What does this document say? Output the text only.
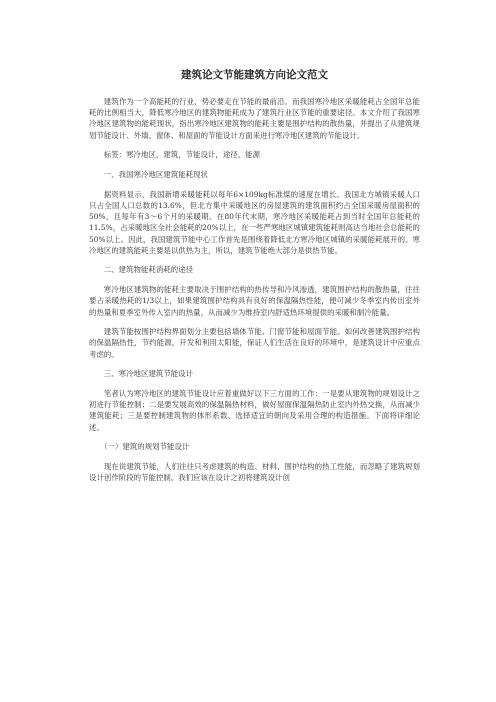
建筑论文节能建筑方向论文范文

建筑作为一个高能耗的行业，势必要走在节能的最前沿。而我国寒冷地区采暖能耗占全国年总能耗的比例相当大，降低寒冷地区的建筑物能耗成为了建筑行业区节能的重要途径。本文介绍了我国寒冷地区建筑物的能耗现状，指出寒冷地区建筑物的能耗主要是围护结构的散热量，并提出了从建筑规划节能设计、外墙、窗体、和屋面的节能设计方面来进行寒冷地区建筑的节能设计。

标签：寒冷地区，建筑，节能设计，途径，能源

一、我国寒冷地区建筑能耗现状

据资料显示，我国新增采暖能耗以每年6×109kg标准煤的速度在增长。我国北方城镇采暖人口只占全国人口总数的13.6%，但北方集中采暖地区的房屋建筑的建筑面积约占全国采暖房屋面积的50%，且每年有3～6个月的采暖期。在80年代末期，寒冷地区采暖能耗占到当时全国年总能耗的11.5%，占采暖地区全社会能耗的20%以上，在一些严寒地区城镇建筑能耗则高达当地社会总能耗的50%以上。因此，我国建筑节能中心工作首先是围绕着降低北方寒冷地区城镇的采暖能耗展开的。寒冷地区的建筑能耗主要是以供热为主，所以，建筑节能绝大部分是供热节能。

二、建筑物能耗消耗的途径

寒冷地区建筑物的能耗主要取决于围护结构的热传导和冷风渗透，建筑围护结构的散热量，往往要占采暖热耗的1/3以上，如果建筑围护结构具有良好的保温隔热性能，便可减少冬季室内传出室外的热量和夏季室外传入室内的热量，从而减少为维持室内舒适热环境提供的采暖和制冷能量。

建筑节能按围护结构界面划分主要包括墙体节能、门窗节能和屋面节能。如何改善建筑围护结构的保温隔热性，节约能源，开发和利用太阳能，保证人们生活在良好的环境中，是建筑设计中应重点考虑的。

三、寒冷地区建筑节能设计

笔者认为寒冷地区的建筑节能设计应着重做好以下三方面的工作：一是要从建筑物的规划设计之初进行节能控制；二是要发展高效的保温隔热材料，做好屋面保温隔热防止室内外热交换，从而减少建筑能耗；三是要控制建筑物的体形系数、选择适宜的朝向及采用合理的构造措施。下面将详细论述。

（一）建筑的规划节能设计

现在说建筑节能，人们往往只考虑建筑的构造、材料、围护结构的热工性能，而忽略了建筑规划设计创作阶段的节能控制。我们应该在设计之初将建筑设计创
